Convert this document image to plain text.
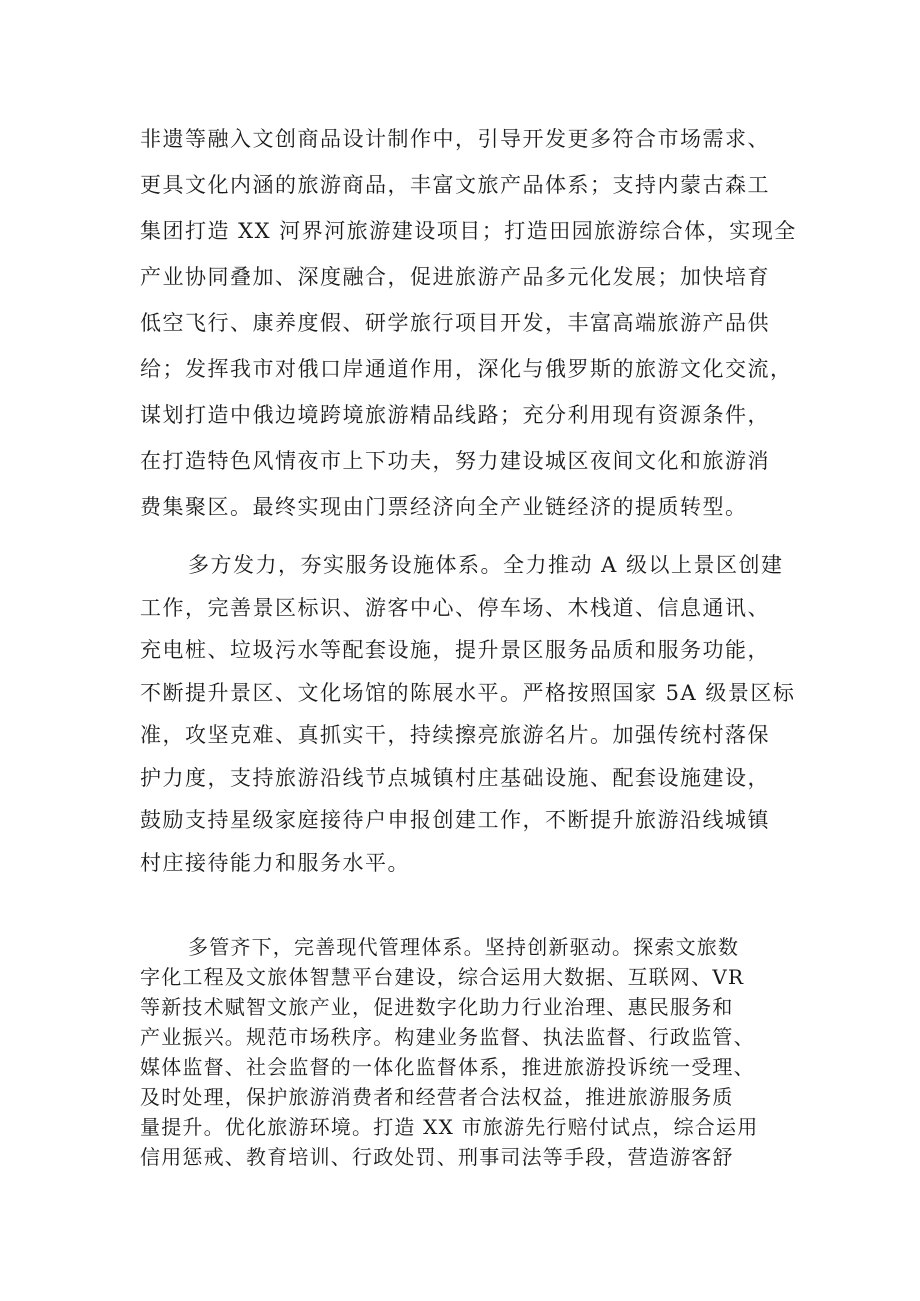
非遗等融入文创商品设计制作中，引导开发更多符合市场需求、
更具文化内涵的旅游商品，丰富文旅产品体系；支持内蒙古森工
集团打造 XX 河界河旅游建设项目；打造田园旅游综合体，实现全
产业协同叠加、深度融合，促进旅游产品多元化发展；加快培育
低空飞行、康养度假、研学旅行项目开发，丰富高端旅游产品供
给；发挥我市对俄口岸通道作用，深化与俄罗斯的旅游文化交流，
谋划打造中俄边境跨境旅游精品线路；充分利用现有资源条件，
在打造特色风情夜市上下功夫，努力建设城区夜间文化和旅游消
费集聚区。最终实现由门票经济向全产业链经济的提质转型。

多方发力，夯实服务设施体系。全力推动 A 级以上景区创建
工作，完善景区标识、游客中心、停车场、木栈道、信息通讯、
充电桩、垃圾污水等配套设施，提升景区服务品质和服务功能，
不断提升景区、文化场馆的陈展水平。严格按照国家 5A 级景区标
准，攻坚克难、真抓实干，持续擦亮旅游名片。加强传统村落保
护力度，支持旅游沿线节点城镇村庄基础设施、配套设施建设，
鼓励支持星级家庭接待户申报创建工作，不断提升旅游沿线城镇
村庄接待能力和服务水平。

多管齐下，完善现代管理体系。坚持创新驱动。探索文旅数
字化工程及文旅体智慧平台建设，综合运用大数据、互联网、VR
等新技术赋智文旅产业，促进数字化助力行业治理、惠民服务和
产业振兴。规范市场秩序。构建业务监督、执法监督、行政监管、
媒体监督、社会监督的一体化监督体系，推进旅游投诉统一受理、
及时处理，保护旅游消费者和经营者合法权益，推进旅游服务质
量提升。优化旅游环境。打造 XX 市旅游先行赔付试点，综合运用
信用惩戒、教育培训、行政处罚、刑事司法等手段，营造游客舒
